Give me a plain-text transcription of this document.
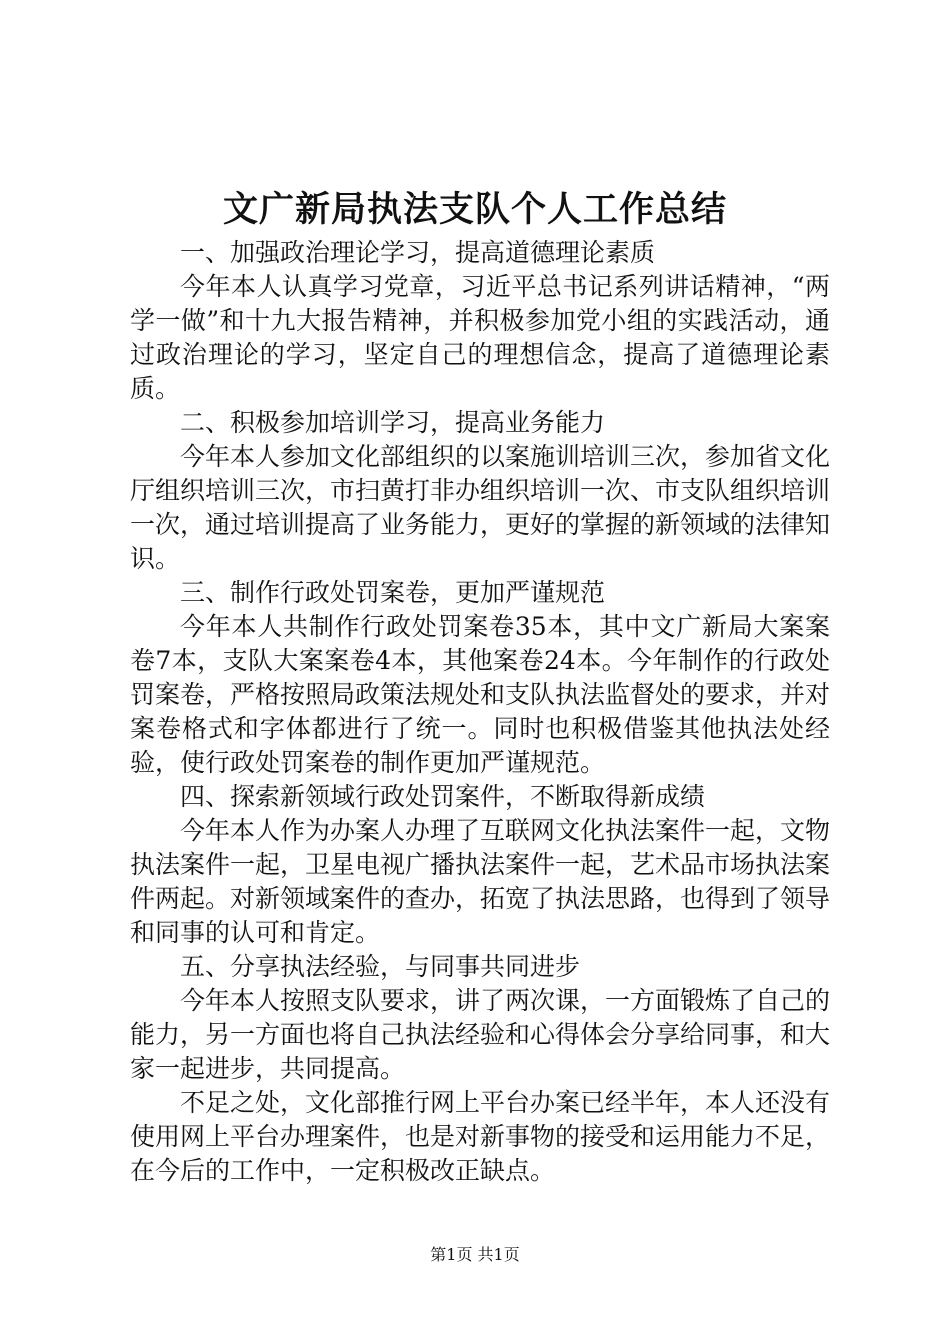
文广新局执法支队个人工作总结

一、加强政治理论学习，提高道德理论素质

今年本人认真学习党章，习近平总书记系列讲话精神，“两学一做”和十九大报告精神，并积极参加党小组的实践活动，通过政治理论的学习，坚定自己的理想信念，提高了道德理论素质。

二、积极参加培训学习，提高业务能力

今年本人参加文化部组织的以案施训培训三次，参加省文化厅组织培训三次，市扫黄打非办组织培训一次、市支队组织培训一次，通过培训提高了业务能力，更好的掌握的新领域的法律知识。

三、制作行政处罚案卷，更加严谨规范

今年本人共制作行政处罚案卷35本，其中文广新局大案案卷7本，支队大案案卷4本，其他案卷24本。今年制作的行政处罚案卷，严格按照局政策法规处和支队执法监督处的要求，并对案卷格式和字体都进行了统一。同时也积极借鉴其他执法处经验，使行政处罚案卷的制作更加严谨规范。

四、探索新领域行政处罚案件，不断取得新成绩

今年本人作为办案人办理了互联网文化执法案件一起，文物执法案件一起，卫星电视广播执法案件一起，艺术品市场执法案件两起。对新领域案件的查办，拓宽了执法思路，也得到了领导和同事的认可和肯定。

五、分享执法经验，与同事共同进步

今年本人按照支队要求，讲了两次课，一方面锻炼了自己的能力，另一方面也将自己执法经验和心得体会分享给同事，和大家一起进步，共同提高。

不足之处，文化部推行网上平台办案已经半年，本人还没有使用网上平台办理案件，也是对新事物的接受和运用能力不足，在今后的工作中，一定积极改正缺点。

第1页 共1页
